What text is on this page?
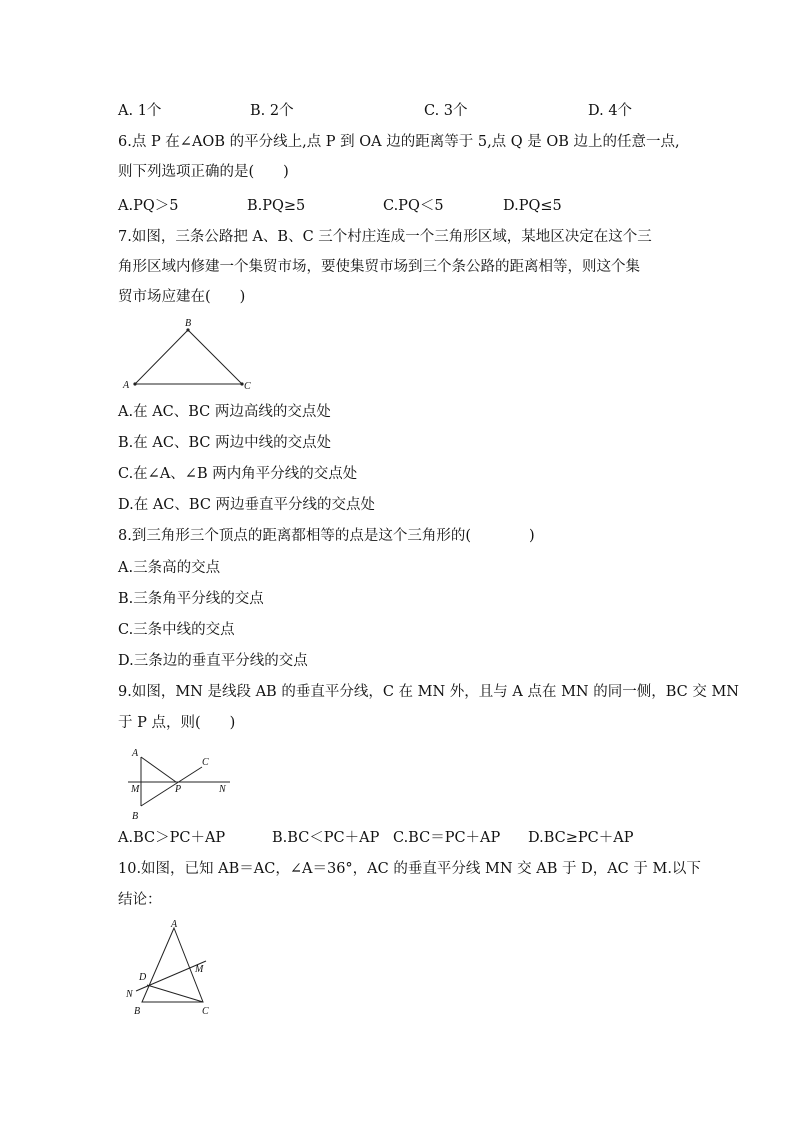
A. 1个	B. 2个	C. 3个	D. 4个
6.点 P 在∠AOB 的平分线上,点 P 到 OA 边的距离等于 5,点 Q 是 OB 边上的任意一点,
则下列选项正确的是(　　)
A.PQ＞5	B.PQ≥5	C.PQ＜5	D.PQ≤5
7.如图，三条公路把 A、B、C 三个村庄连成一个三角形区域，某地区决定在这个三
角形区域内修建一个集贸市场，要使集贸市场到三个条公路的距离相等，则这个集
贸市场应建在(　　)
B
A	C
A.在 AC、BC 两边高线的交点处
B.在 AC、BC 两边中线的交点处
C.在∠A、∠B 两内角平分线的交点处
D.在 AC、BC 两边垂直平分线的交点处
8.到三角形三个顶点的距离都相等的点是这个三角形的(　　　　)
A.三条高的交点
B.三条角平分线的交点
C.三条中线的交点
D.三条边的垂直平分线的交点
9.如图，MN 是线段 AB 的垂直平分线，C 在 MN 外，且与 A 点在 MN 的同一侧，BC 交 MN
于 P 点，则(　　)
A
B
C
M	P	N
A.BC＞PC＋AP	B.BC＜PC＋AP C.BC＝PC＋AP D.BC≥PC＋AP
10.如图，已知 AB＝AC，∠A＝36°，AC 的垂直平分线 MN 交 AB 于 D，AC 于 M.以下
结论：
A
D
M
N
B	C
